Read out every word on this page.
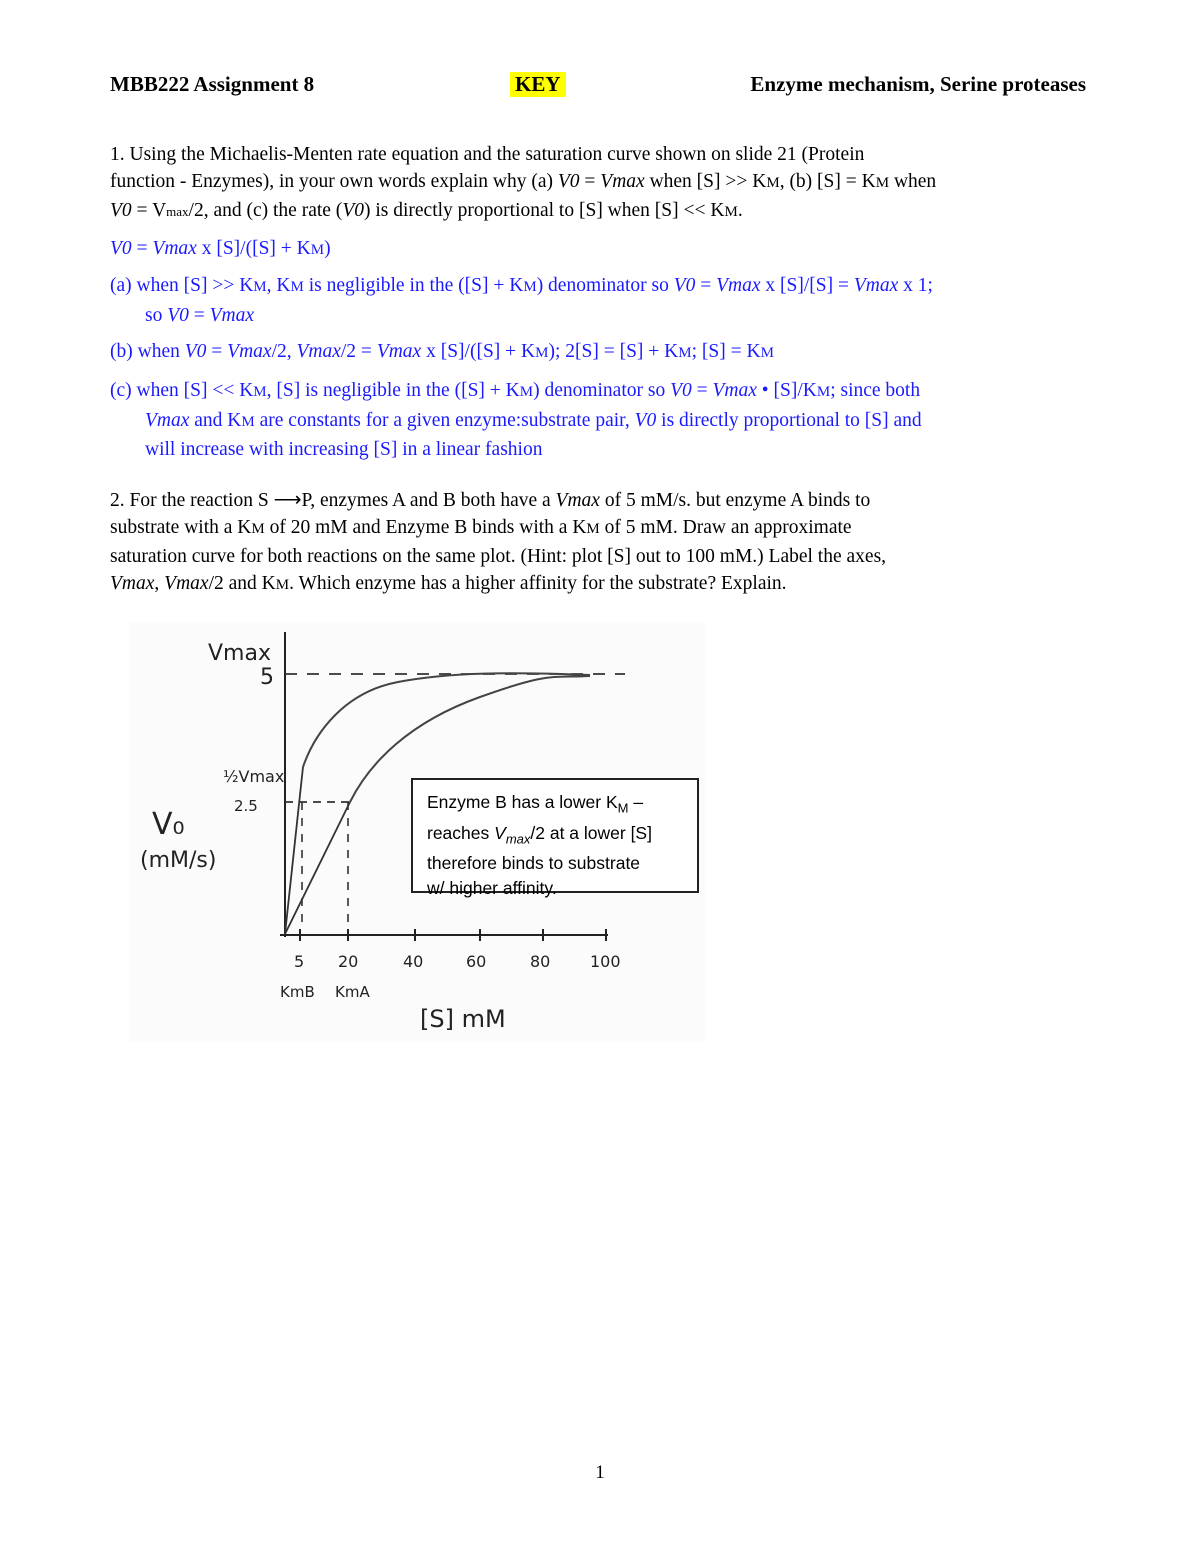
MBB222 Assignment 8	KEY	Enzyme mechanism, Serine proteases
1. Using the Michaelis-Menten rate equation and the saturation curve shown on slide 21 (Protein
function - Enzymes), in your own words explain why (a) V0 = Vmax when [S] >> KM, (b) [S] = KM when
V0 = Vmax/2, and (c) the rate (V0) is directly proportional to [S] when [S] << KM.
V0 = Vmax x [S]/([S] + KM)
(a) when [S] >> KM, KM is negligible in the ([S] + KM) denominator so V0 = Vmax x [S]/[S] = Vmax x 1;
so V0 = Vmax
(b) when V0 = Vmax/2, Vmax/2 = Vmax x [S]/([S] + KM); 2[S] = [S] + KM; [S] = KM
(c) when [S] << KM, [S] is negligible in the ([S] + KM) denominator so V0 = Vmax • [S]/KM; since both
Vmax and KM are constants for a given enzyme:substrate pair, V0 is directly proportional to [S] and
will increase with increasing [S] in a linear fashion
2. For the reaction S ⟶P, enzymes A and B both have a Vmax of 5 mM/s. but enzyme A binds to
substrate with a KM of 20 mM and Enzyme B binds with a KM of 5 mM. Draw an approximate
saturation curve for both reactions on the same plot. (Hint: plot [S] out to 100 mM.) Label the axes,
Vmax, Vmax/2 and KM. Which enzyme has a higher affinity for the substrate? Explain.
Vmax
5
½Vmax
2.5
V₀
(mM/s)
5 20	40	60	80 100
KmB KmA
[S] mM
Enzyme B has a lower $K_M$ –
reaches $V_{max}/2$ at a lower [S]
therefore binds to substrate
w/ higher affinity.
1
